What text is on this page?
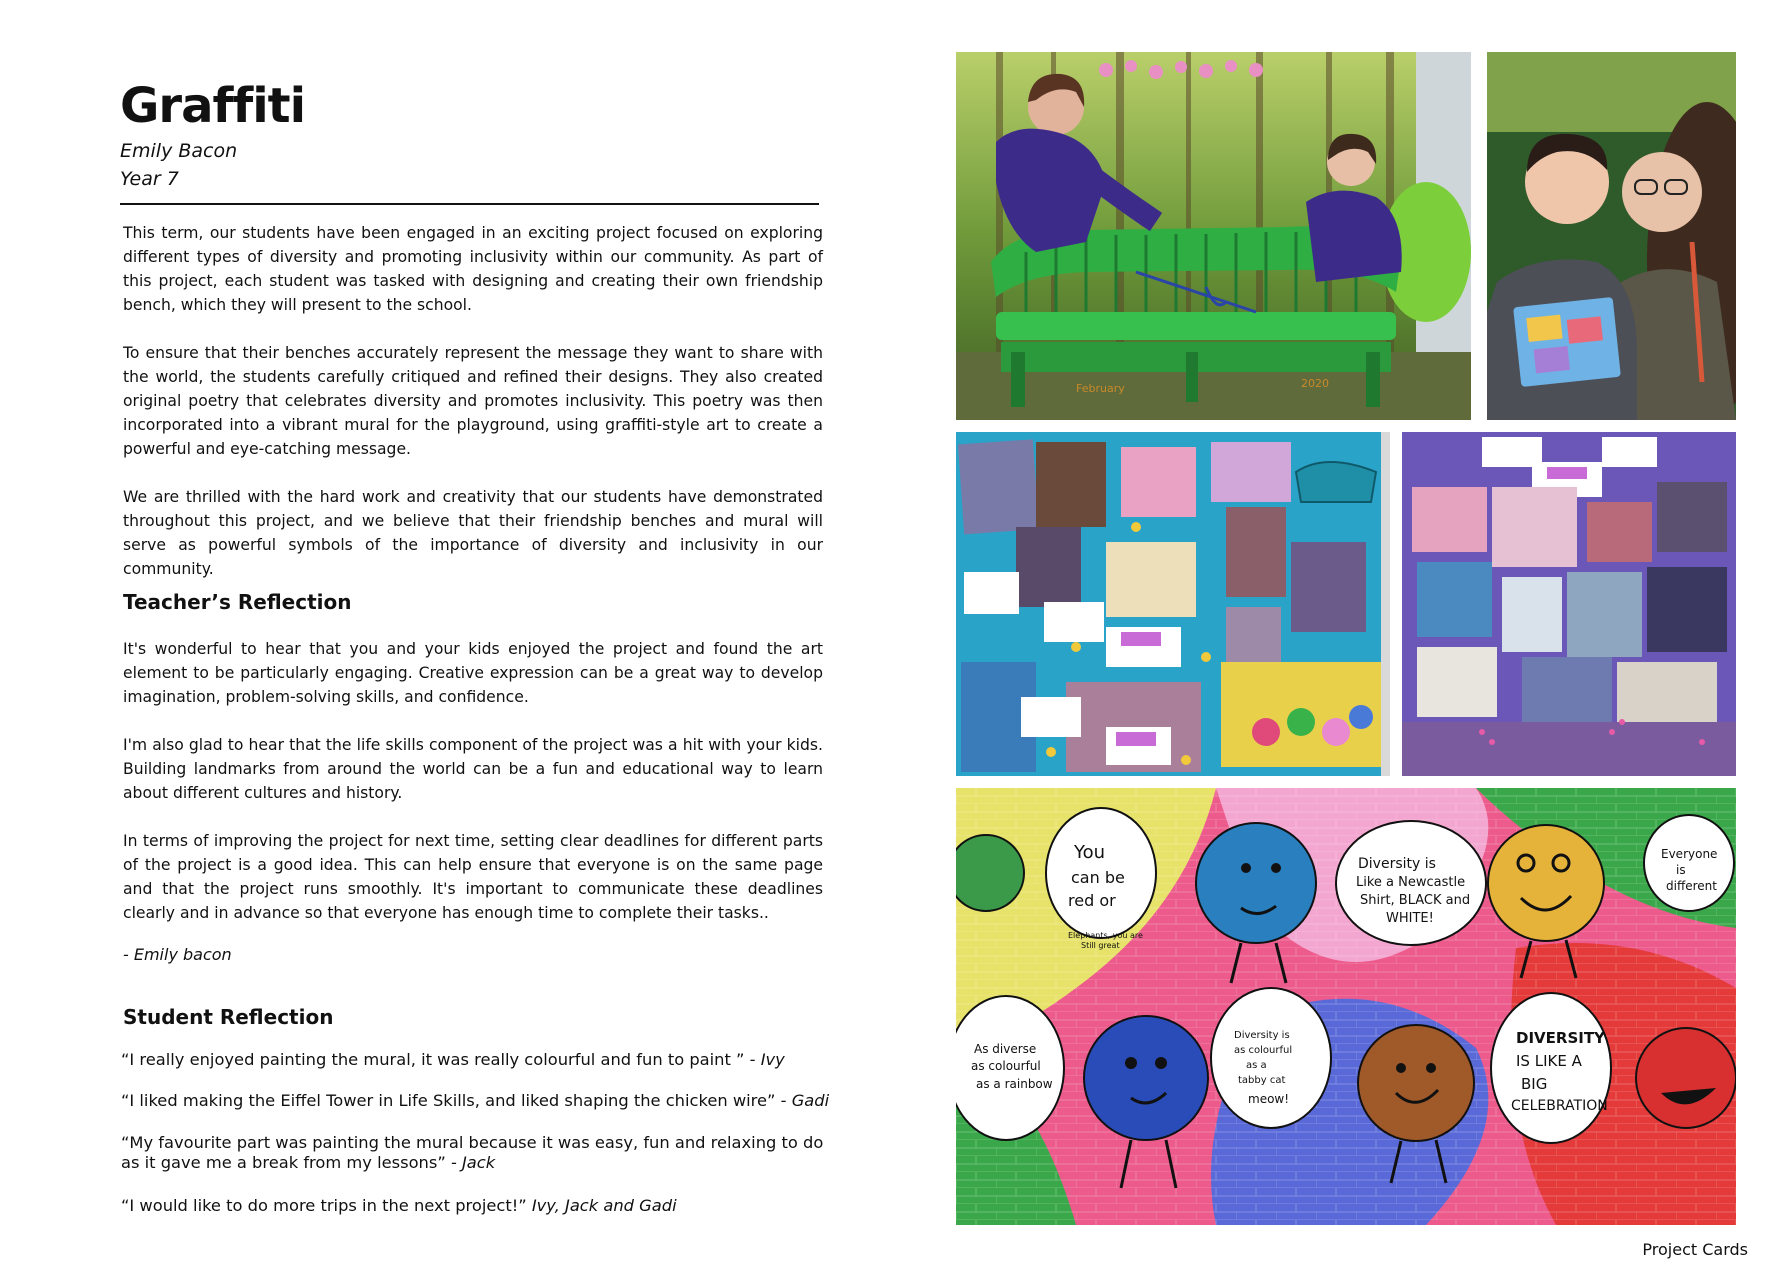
Graffiti
Emily Bacon
Year 7

This term, our students have been engaged in an exciting project focused on exploring different types of diversity and promoting inclusivity within our community. As part of this project, each student was tasked with designing and creating their own friendship bench, which they will present to the school.

To ensure that their benches accurately represent the message they want to share with the world, the students carefully critiqued and refined their designs. They also created original poetry that celebrates diversity and promotes inclusivity. This poetry was then incorporated into a vibrant mural for the playground, using graffiti-style art to create a powerful and eye-catching message.

We are thrilled with the hard work and creativity that our students have demonstrated throughout this project, and we believe that their friendship benches and mural will serve as powerful symbols of the importance of diversity and inclusivity in our community.

Teacher’s Reflection

It's wonderful to hear that you and your kids enjoyed the project and found the art element to be particularly engaging. Creative expression can be a great way to develop imagination, problem-solving skills, and confidence.

I'm also glad to hear that the life skills component of the project was a hit with your kids. Building landmarks from around the world can be a fun and educational way to learn about different cultures and history.

In terms of improving the project for next time, setting clear deadlines for different parts of the project is a good idea. This can help ensure that everyone is on the same page and that the project runs smoothly. It's important to communicate these deadlines clearly and in advance so that everyone has enough time to complete their tasks..

- Emily bacon
Student Reflection

“I really enjoyed painting the mural, it was really colourful and fun to paint ” - Ivy

“I liked making the Eiffel Tower in Life Skills, and liked shaping the chicken wire” - Gadi

“My favourite part was painting the mural because it was easy, fun and relaxing to do as it gave me a break from my lessons” - Jack

“I would like to do more trips in the next project!” Ivy, Jack and Gadi

Project Cards
February	2020
You
can be
red or
Elephants, you are
Still great
Diversity is
Like a Newcastle
Shirt, BLACK and
WHITE!
Everyone
is
different
As diverse
as colourful
as a rainbow
Diversity is
as colourful
as a
tabby cat
meow!
DIVERSITY
IS LIKE A
BIG
CELEBRATION
